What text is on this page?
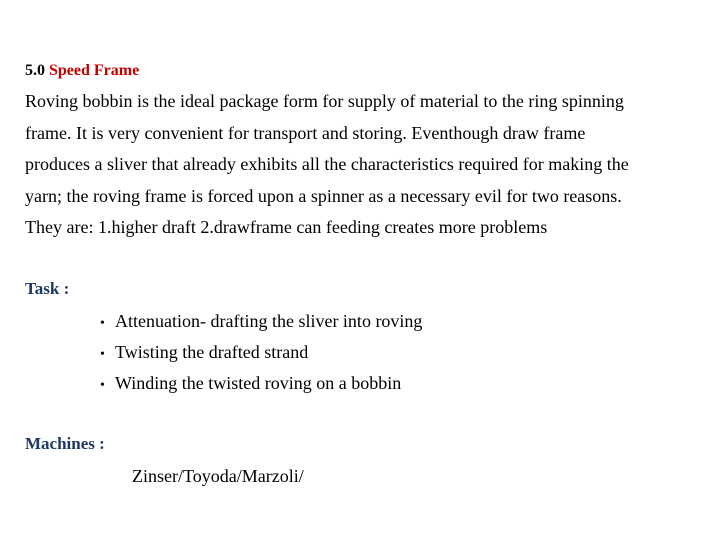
5.0 Speed Frame
Roving bobbin is the ideal package form for supply of material to the ring spinning
frame. It is very convenient for transport and storing. Eventhough draw frame
produces a sliver that already exhibits all the characteristics required for making the
yarn; the roving frame is forced upon a spinner as a necessary evil for two reasons.
They are: 1.higher draft 2.drawframe can feeding creates more problems
Task :
• Attenuation- drafting the sliver into roving
• Twisting the drafted strand
• Winding the twisted roving on a bobbin
Machines :
Zinser/Toyoda/Marzoli/
